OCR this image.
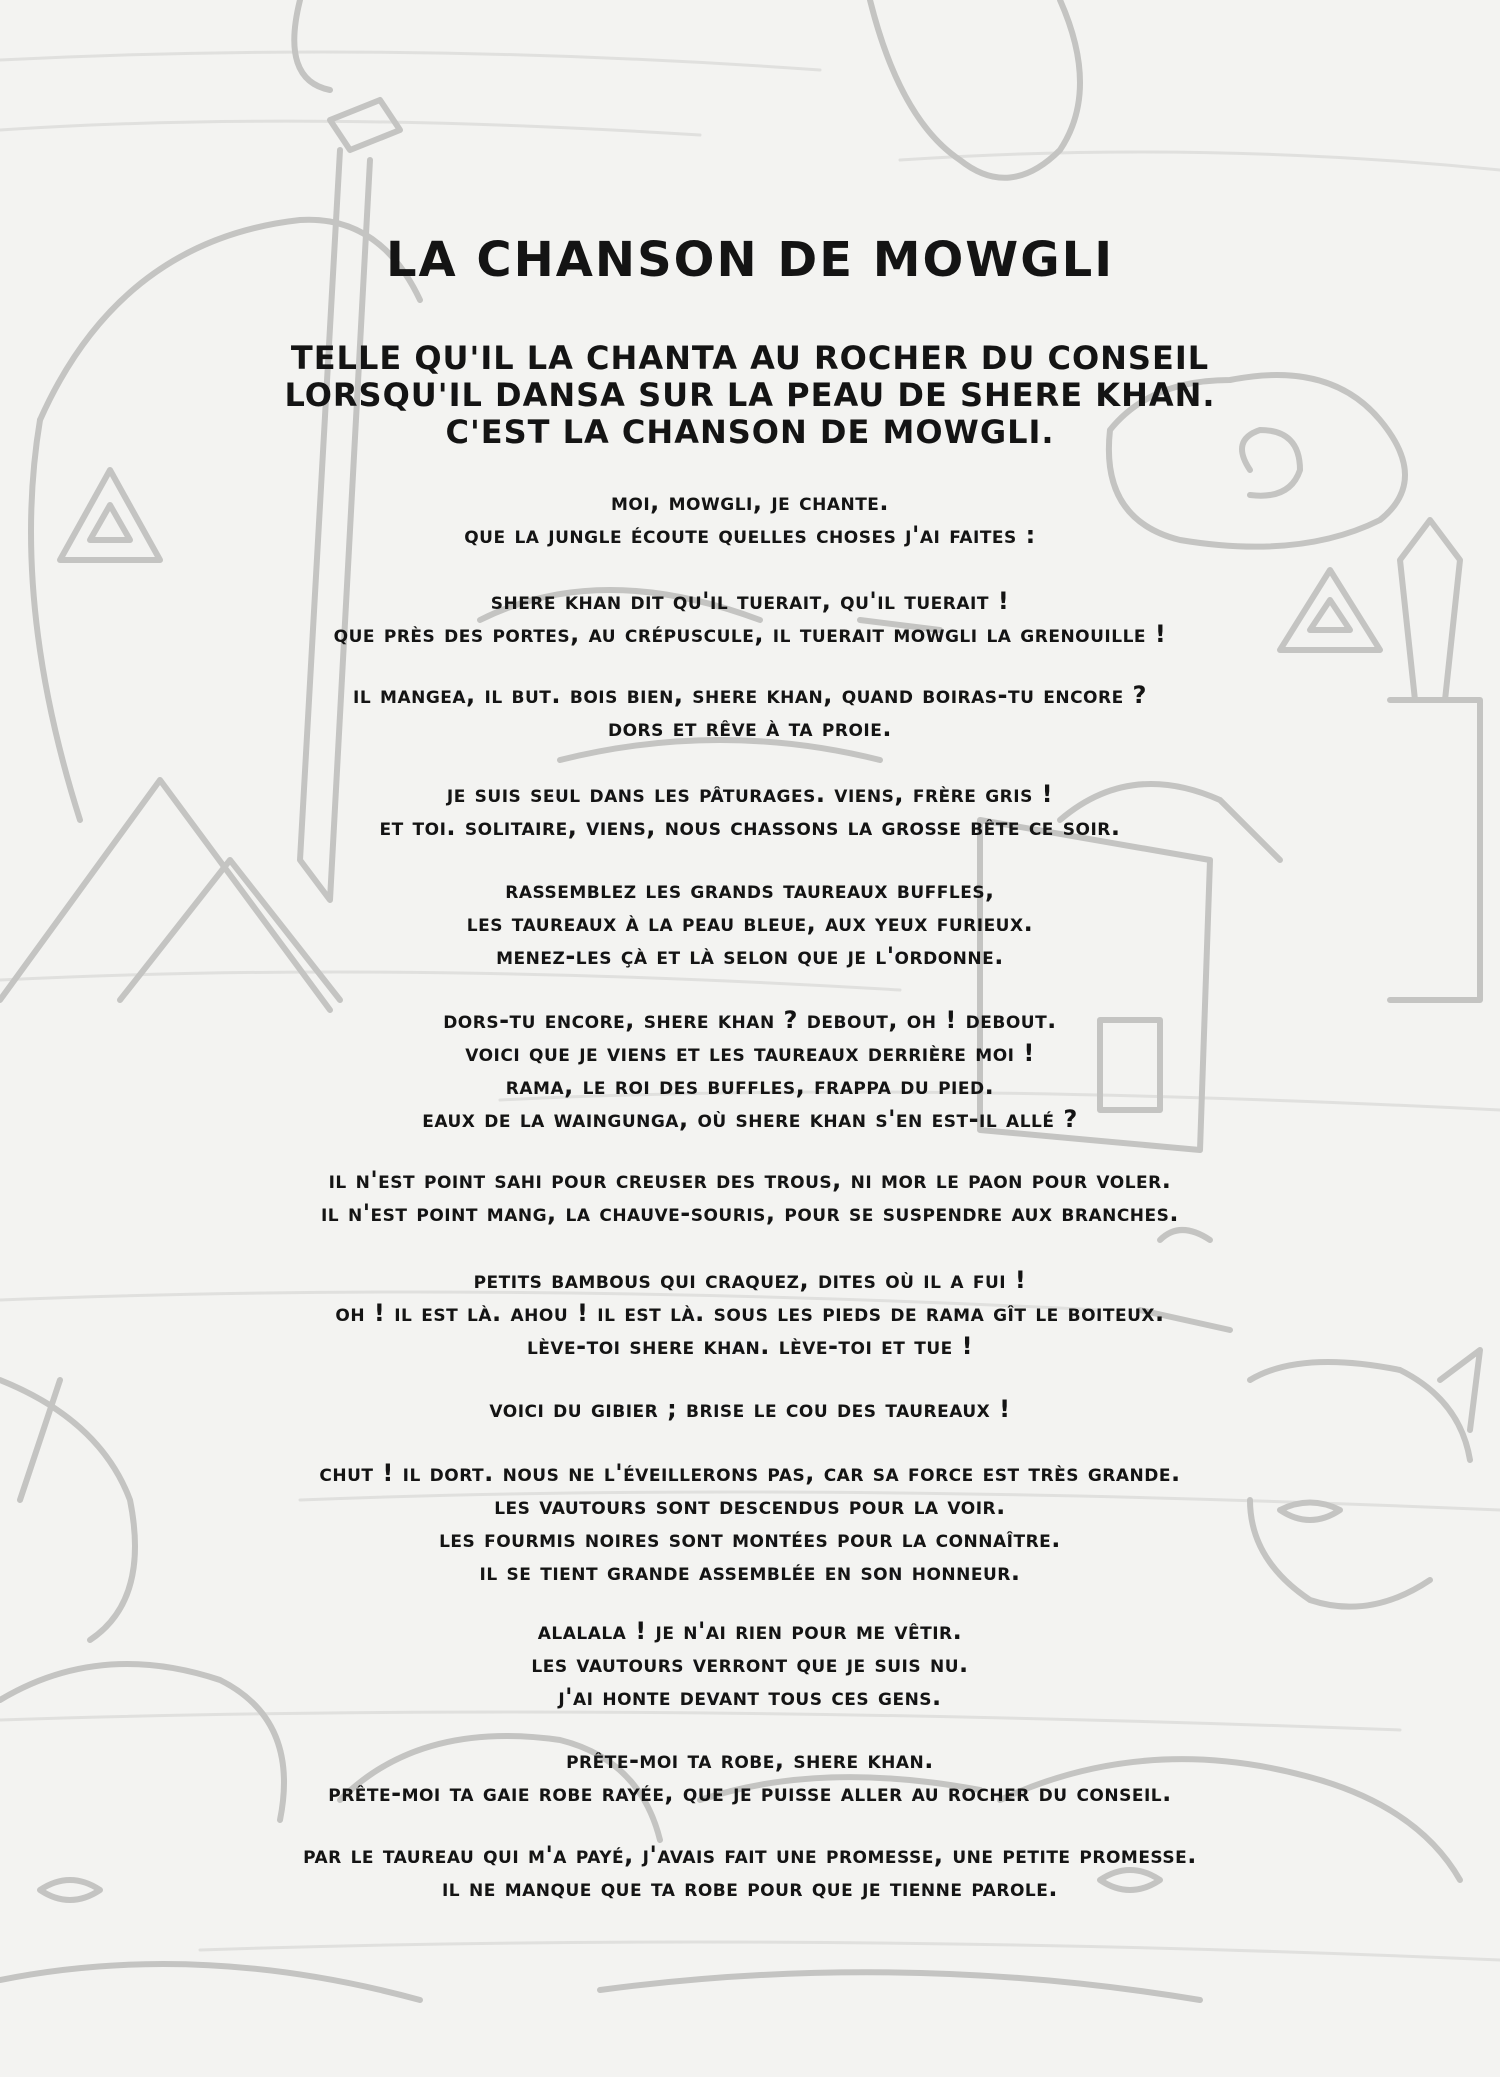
LA CHANSON DE MOWGLI
TELLE QU'IL LA CHANTA AU ROCHER DU CONSEIL
LORSQU'IL DANSA SUR LA PEAU DE SHERE KHAN.
C'EST LA CHANSON DE MOWGLI.
moi, mowgli, je chante.
que la jungle écoute quelles choses j'ai faites :
shere khan dit qu'il tuerait, qu'il tuerait !
que près des portes, au crépuscule, il tuerait mowgli la grenouille !
il mangea, il but. bois bien, shere khan, quand boiras-tu encore ?
dors et rêve à ta proie.
je suis seul dans les pâturages. viens, frère gris !
et toi. solitaire, viens, nous chassons la grosse bête ce soir.
rassemblez les grands taureaux buffles,
les taureaux à la peau bleue, aux yeux furieux.
menez-les çà et là selon que je l'ordonne.
dors-tu encore, shere khan ? debout, oh ! debout.
voici que je viens et les taureaux derrière moi !
rama, le roi des buffles, frappa du pied.
eaux de la waingunga, où shere khan s'en est-il allé ?
il n'est point sahi pour creuser des trous, ni mor le paon pour voler.
il n'est point mang, la chauve-souris, pour se suspendre aux branches.
petits bambous qui craquez, dites où il a fui !
oh ! il est là. ahou ! il est là. sous les pieds de rama gît le boiteux.
lève-toi shere khan. lève-toi et tue !
voici du gibier ; brise le cou des taureaux !
chut ! il dort. nous ne l'éveillerons pas, car sa force est très grande.
les vautours sont descendus pour la voir.
les fourmis noires sont montées pour la connaître.
il se tient grande assemblée en son honneur.
alalala ! je n'ai rien pour me vêtir.
les vautours verront que je suis nu.
j'ai honte devant tous ces gens.
prête-moi ta robe, shere khan.
prête-moi ta gaie robe rayée, que je puisse aller au rocher du conseil.
par le taureau qui m'a payé, j'avais fait une promesse, une petite promesse.
il ne manque que ta robe pour que je tienne parole.
